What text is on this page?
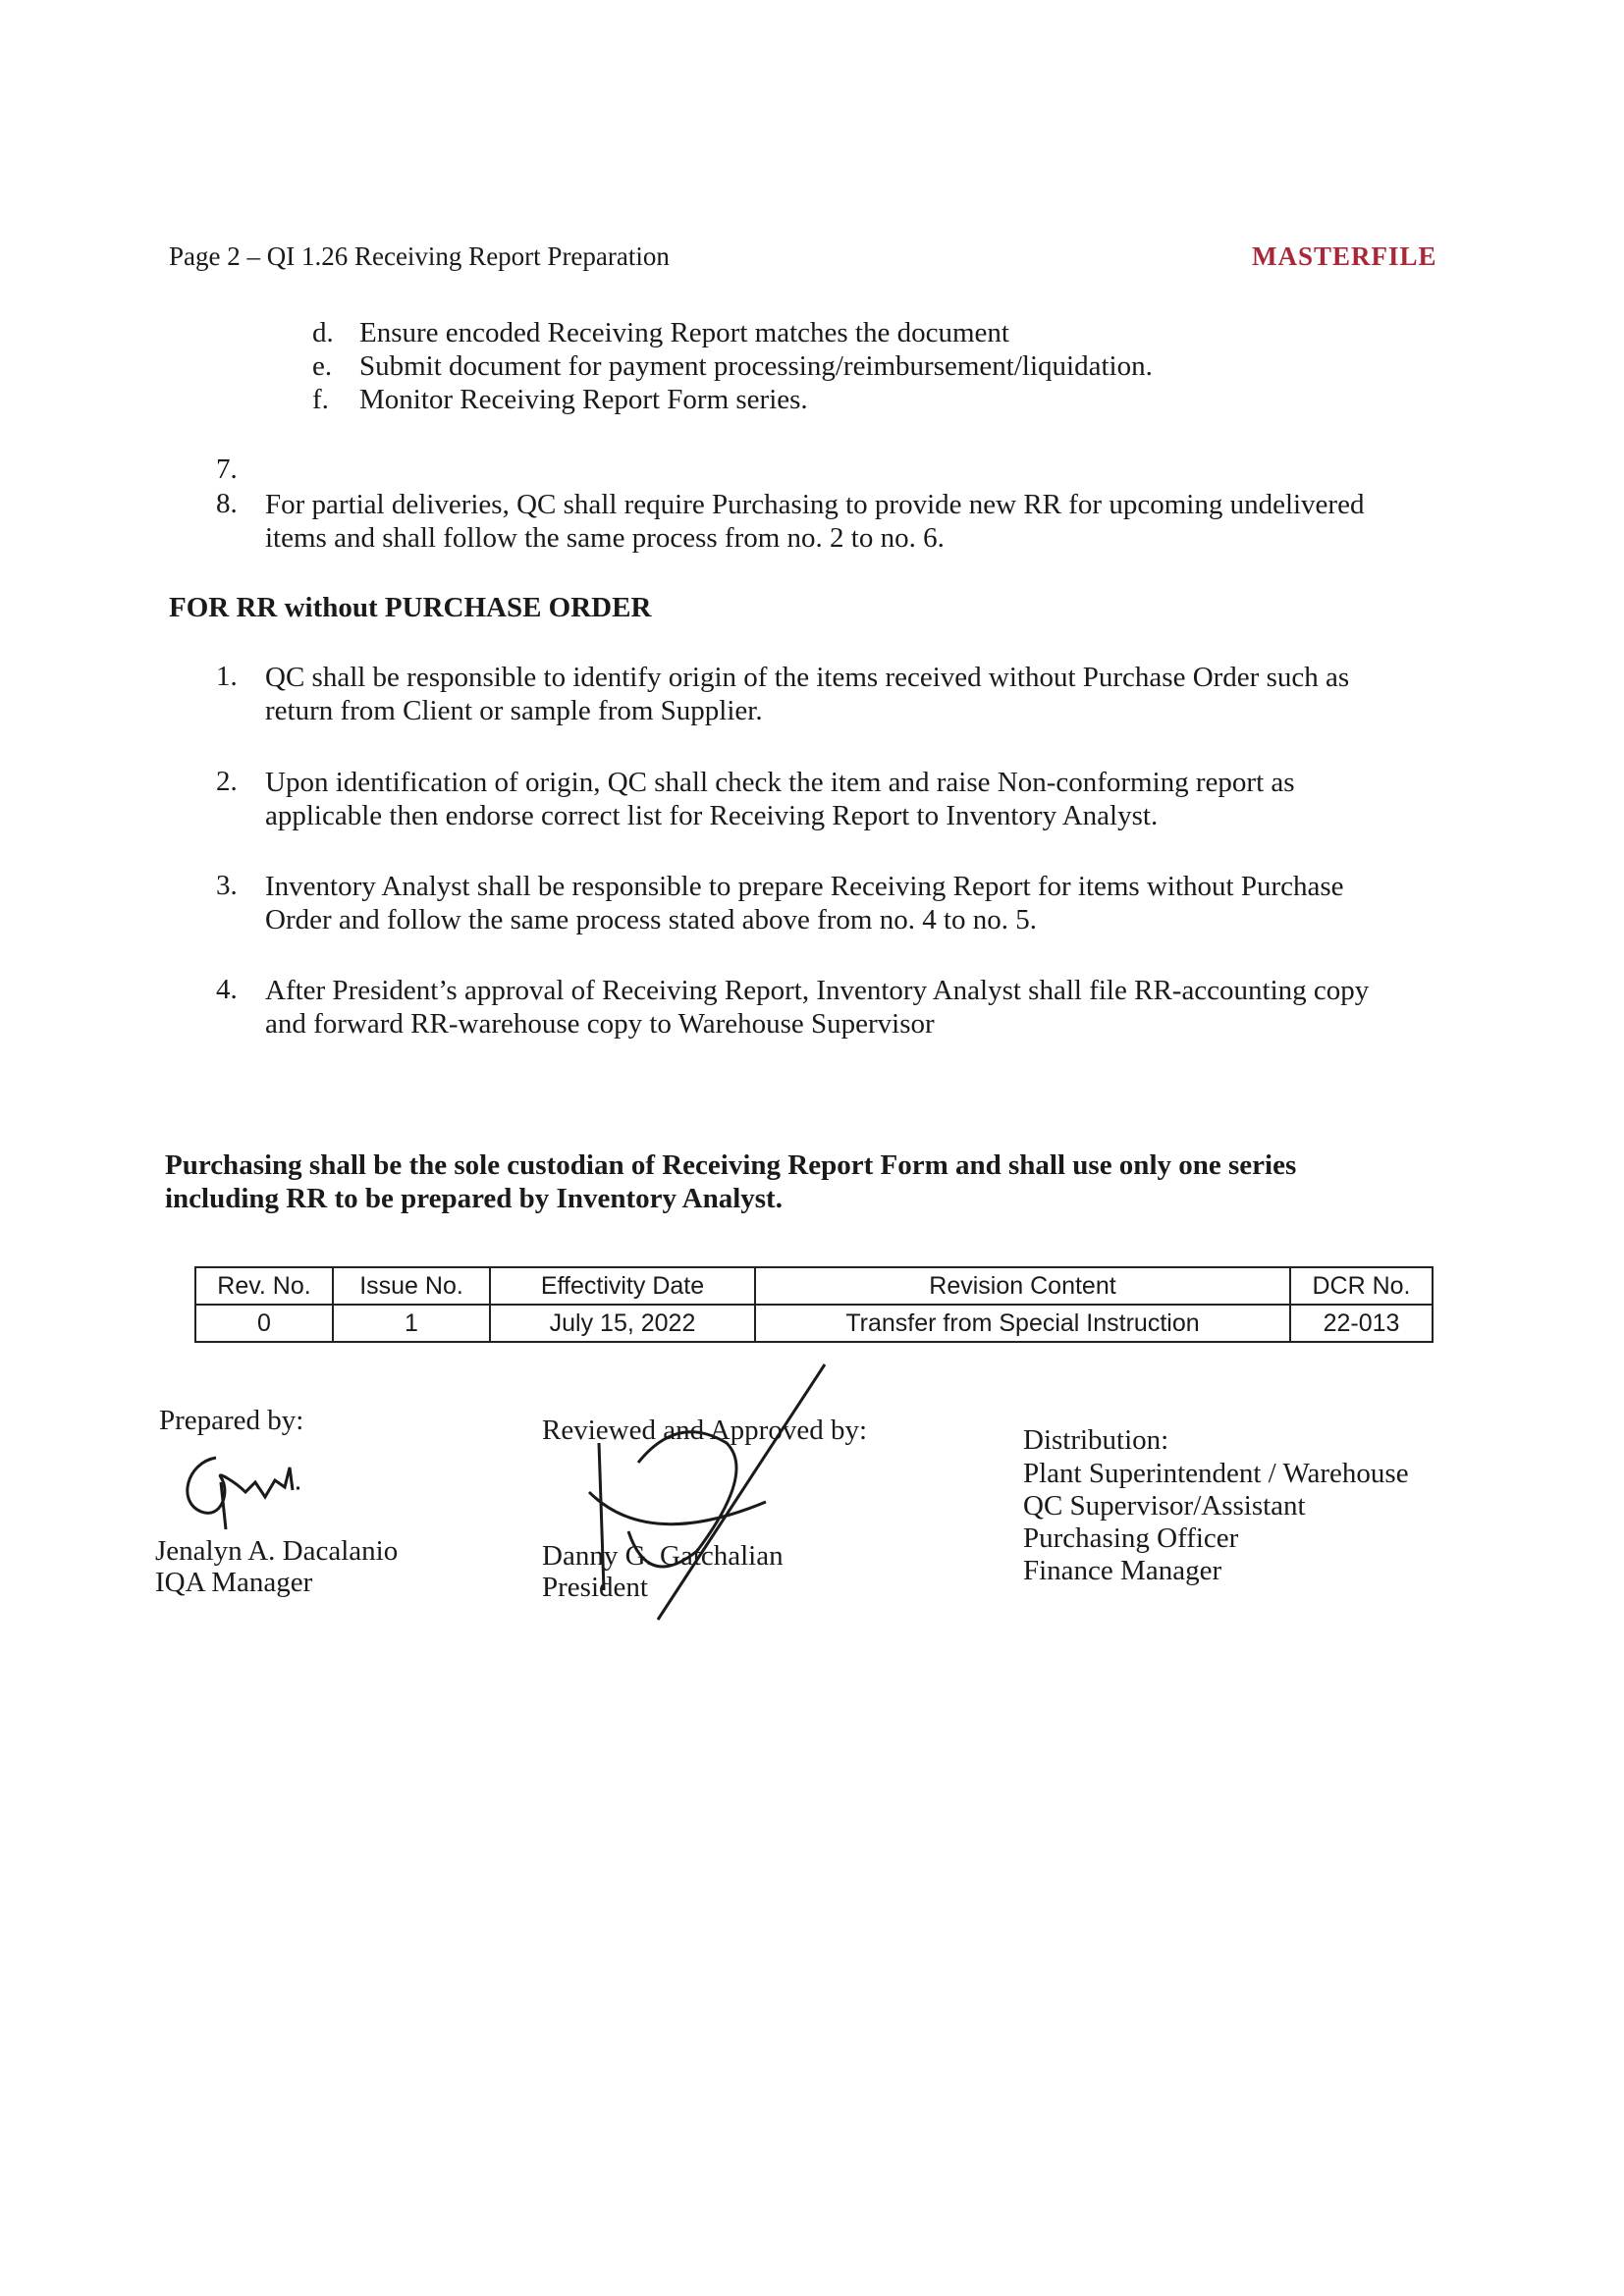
Page 2 – QI 1.26 Receiving Report Preparation	MASTERFILE
d. Ensure encoded Receiving Report matches the document
e. Submit document for payment processing/reimbursement/liquidation.
f. Monitor Receiving Report Form series.
7.
8. For partial deliveries, QC shall require Purchasing to provide new RR for upcoming undelivered
items and shall follow the same process from no. 2 to no. 6.
FOR RR without PURCHASE ORDER
1. QC shall be responsible to identify origin of the items received without Purchase Order such as
return from Client or sample from Supplier.
2. Upon identification of origin, QC shall check the item and raise Non-conforming report as
applicable then endorse correct list for Receiving Report to Inventory Analyst.
3. Inventory Analyst shall be responsible to prepare Receiving Report for items without Purchase
Order and follow the same process stated above from no. 4 to no. 5.
4. After President’s approval of Receiving Report, Inventory Analyst shall file RR-accounting copy
and forward RR-warehouse copy to Warehouse Supervisor
Purchasing shall be the sole custodian of Receiving Report Form and shall use only one series
including RR to be prepared by Inventory Analyst.
Rev. No.	Issue No.	Effectivity Date	Revision Content	DCR No.
0	1	July 15, 2022	Transfer from Special Instruction	22-013
Prepared by:
Jenalyn A. Dacalanio
IQA Manager
Reviewed and Approved by:
Danny G. Gatchalian
President
Distribution:
Plant Superintendent / Warehouse
QC Supervisor/Assistant
Purchasing Officer
Finance Manager
